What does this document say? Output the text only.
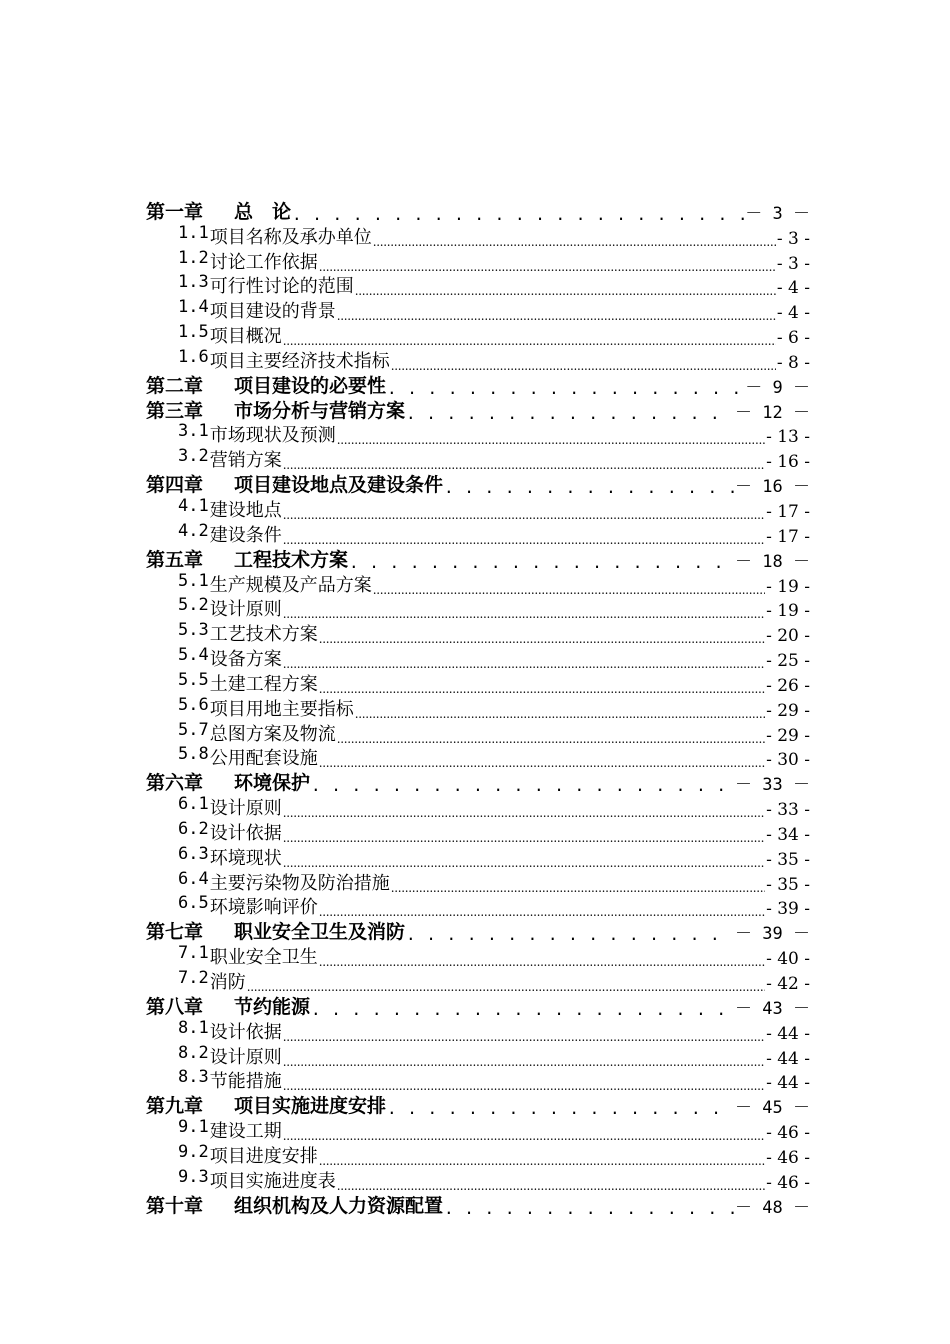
第一章	总　论 . . .	－ 3 －
1.1 项目名称及承办单位 .....	- 3 -
1.2 讨论工作依据 .....	- 3 -
1.3 可行性讨论的范围 .....	- 4 -
1.4 项目建设的背景 .....	- 4 -
1.5 项目概况 .....	- 6 -
1.6 项目主要经济技术指标 .....	- 8 -
第二章	项目建设的必要性 . . .	－ 9 －
第三章	市场分析与营销方案 . . .	－ 12 －
3.1 市场现状及预测 .....	- 13 -
3.2 营销方案 .....	- 16 -
第四章	项目建设地点及建设条件 . . .	－ 16 －
4.1 建设地点 .....	- 17 -
4.2 建设条件 .....	- 17 -
第五章	工程技术方案 . . .	－ 18 －
5.1 生产规模及产品方案 .....	- 19 -
5.2 设计原则 .....	- 19 -
5.3 工艺技术方案 .....	- 20 -
5.4 设备方案 .....	- 25 -
5.5 土建工程方案 .....	- 26 -
5.6 项目用地主要指标 .....	- 29 -
5.7 总图方案及物流 .....	- 29 -
5.8 公用配套设施 .....	- 30 -
第六章	环境保护 . . .	－ 33 －
6.1 设计原则 .....	- 33 -
6.2 设计依据 .....	- 34 -
6.3 环境现状 .....	- 35 -
6.4 主要污染物及防治措施 .....	- 35 -
6.5 环境影响评价 .....	- 39 -
第七章	职业安全卫生及消防 . . .	－ 39 －
7.1 职业安全卫生 .....	- 40 -
7.2 消防 .....	- 42 -
第八章	节约能源 . . .	－ 43 －
8.1 设计依据 .....	- 44 -
8.2 设计原则 .....	- 44 -
8.3 节能措施 .....	- 44 -
第九章	项目实施进度安排 . . .	－ 45 －
9.1 建设工期 .....	- 46 -
9.2 项目进度安排 .....	- 46 -
9.3 项目实施进度表 .....	- 46 -
第十章	组织机构及人力资源配置 . . .	－ 48 －
